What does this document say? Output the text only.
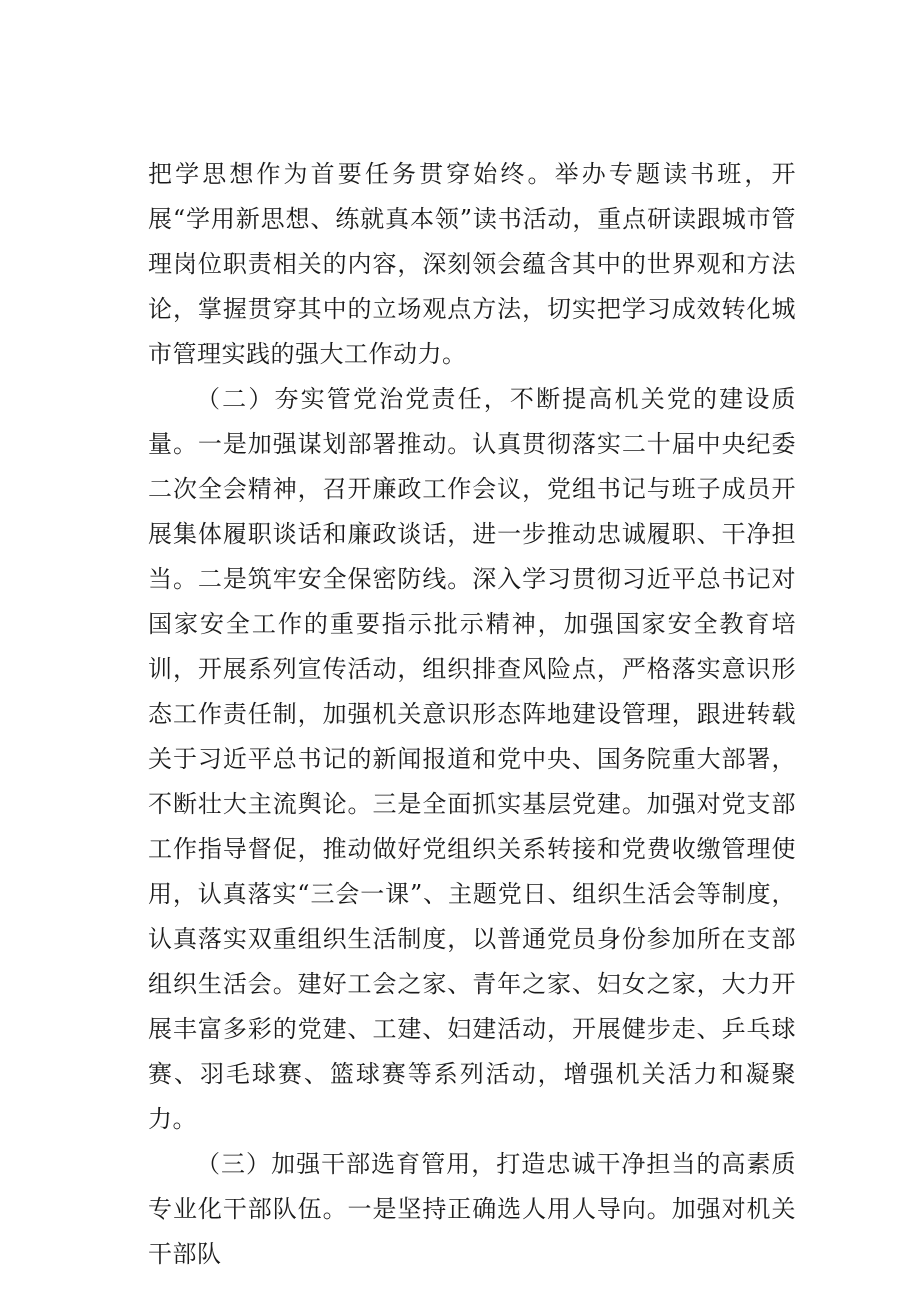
把学思想作为首要任务贯穿始终。举办专题读书班，开展“学用新思想、练就真本领”读书活动，重点研读跟城市管理岗位职责相关的内容，深刻领会蕴含其中的世界观和方法论，掌握贯穿其中的立场观点方法，切实把学习成效转化城市管理实践的强大工作动力。

（二）夯实管党治党责任，不断提高机关党的建设质量。一是加强谋划部署推动。认真贯彻落实二十届中央纪委二次全会精神，召开廉政工作会议，党组书记与班子成员开展集体履职谈话和廉政谈话，进一步推动忠诚履职、干净担当。二是筑牢安全保密防线。深入学习贯彻习近平总书记对国家安全工作的重要指示批示精神，加强国家安全教育培训，开展系列宣传活动，组织排查风险点，严格落实意识形态工作责任制，加强机关意识形态阵地建设管理，跟进转载关于习近平总书记的新闻报道和党中央、国务院重大部署，不断壮大主流舆论。三是全面抓实基层党建。加强对党支部工作指导督促，推动做好党组织关系转接和党费收缴管理使用，认真落实“三会一课”、主题党日、组织生活会等制度，认真落实双重组织生活制度，以普通党员身份参加所在支部组织生活会。建好工会之家、青年之家、妇女之家，大力开展丰富多彩的党建、工建、妇建活动，开展健步走、乒乓球赛、羽毛球赛、篮球赛等系列活动，增强机关活力和凝聚力。

（三）加强干部选育管用，打造忠诚干净担当的高素质专业化干部队伍。一是坚持正确选人用人导向。加强对机关干部队
